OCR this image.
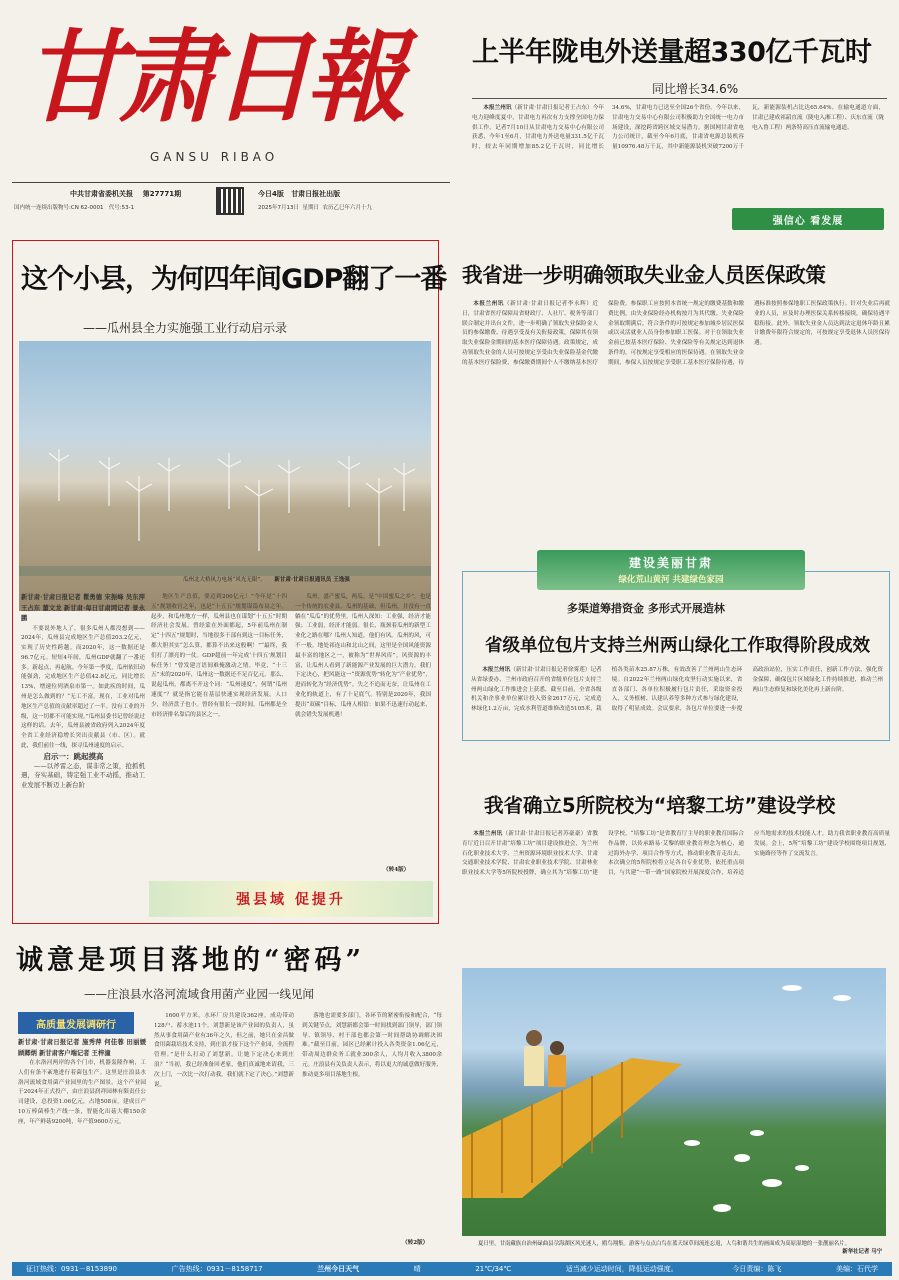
甘肃日報
GANSU RIBAO
中共甘肃省委机关报 第27771期	今日4版 甘肃日报社出版
国内统一连续出版物号:CN 62-0001 代号:53-1	2025年7月13日 星期日 农历乙巳年六月十九
上半年陇电外送量超330亿千瓦时
同比增长34.6%

本报兰州讯（新甘肃·甘肃日报记者王占东）今年电力迎峰度夏中，甘肃电力再次有力支撑全国电力保供工作。记者7月10日从甘肃电力交易中心有限公司获悉，今年1至6月，甘肃电力外送电量331.5亿千瓦时，较去年同期增加85.2亿千瓦时，同比增长34.6%，甘肃电力已送至全国26个省份。今年以来，甘肃电力交易中心有限公司积极助力全国统一电力市场建设，深挖跨省跨区域交易潜力。据国网甘肃省电力公司统计，截至今年6月底，甘肃省电源总装机容量10976.48万千瓦，其中新能源装机突破7200万千瓦，新能源装机占比达65.64%。在输电通道方面，甘肃已建成祁韶直流（陇电入湘工程）、庆东直流（陇电入鲁工程）两条特高压直流输电通道。

强信心 看发展
这个小县，为何四年间GDP翻了一番
——瓜州县全力实施强工业行动启示录
瓜州北大桥风力电场“风光无限”。 新甘肃·甘肃日报通讯员 王逸强

新甘肃·甘肃日报记者 瞿勇德 宋振峰 吴东萍 王占东 董文龙 新甘肃·每日甘肃网记者 景永鹏

不要说外地人了，很多瓜州人都没想到——2024年，瓜州县完成地区生产总值203.2亿元，实现了历史性跨越。而2020年，这一数据还是96.7亿元。短短4年间，瓜州GDP就翻了一番还多。新起点，再起航。今年第一季度，瓜州依旧动能强劲，完成地区生产总值42.8亿元，同比增长13%，增速位列酒泉市第一。如此疾的时间，瓜州是怎么做到的？“无工不富。现在，工业对瓜州地区生产总值的贡献率超过了一半。没有工业的升级，这一切都不可能实现。”瓜州县委书记曾经说过这样的话。去年，瓜州县被省政府列入2024年度全省工业经济稳增长突出贡献县（市、区）。就此，我们前往一线，探寻瓜州速度的启示。

启示一：跳起摸高

——以斧雷之态，谋非常之策，抢抓机遇，夯实基础，铸定强工业不动摇，推动工业发展不断迈上新台阶

地区生产总值，要迈到200亿元！”今年是“十四五”规划收官之年，也是“十五五”规划谋篇布局之年。起步，和瓜州地方一样，瓜州县也在谋划“十五五”时期经济社会发展。曾经蒙在外面都起，5年前瓜州在制定“十四五”规划时，当地很多干部有到这一目标任务，都大胆其实“怎么算，都算不出来这般啊！”“最终，我们打了漂亮的一仗。GDP超前一年完成‘十四五’规划目标任务！”曾发建言语间难掩激动之情。毕竟，“十三五”末的2020年，瓜州这一数据还不足百亿元。那么，说起瓜州，都离不开这个词：“瓜州速度”。何谓“瓜州速度”？就是指它能在基层快速实现经济发展。人口少，经济盘子也小。曾经有很长一段时间，瓜州都是全市经济排名靠后的县区之一。

瓜州，盛产蜜瓜，两瓜。是“中国蜜瓜之乡”，也是一个传统的农业县。瓜州的基础，但瓜州，并没有一直躺在“瓜瓜”的优势里。瓜州人深知：工业强，经济才能强；工业弱，经济才能弱。很长，瓶颈着瓜州的新型工业化之路在哪？瓜州人知道，他们有风。瓜州的风，可不一般。地处祁连山和北山之间，这里是全国风能资源最丰富的地区之一，被称为“世界风库”。风资源的丰富，让瓜州人看到了新能源产业发展的巨大潜力。我们下定决心，把风能这一“资源优势”转化为“产业优势”，进而转化为“经济优势”。失之不追而无奈，让瓜州在工业化的轨道上，有了十足底气。特别是2020年，我国提出“双碳”目标，瓜州人相信：如果不迅速行动起来，就会错失发展机遇！

（转4版）
强县域 促提升
我省进一步明确领取失业金人员医保政策

本报兰州讯（新甘肃·甘肃日报记者李永辉）近日，甘肃省医疗保障局省财政厅、人社厅、税务等部门联合制定并出台文件，进一步明确了领取失业保险金人员的参保缴费、待遇享受及有关衔接政策，保障其在领取失业保险金期间的基本医疗保障待遇。政策规定，成功领取失业金的人员可按规定享受由失业保险基金代缴的基本医疗保险费，参保缴费期间个人不缴纳基本医疗保险费。参保职工应按照本省统一规定的缴费基数和缴费比例，由失业保险经办机构按月为其代缴。失业保险金领取期满后，符合条件的可按规定参加城乡居民医保或以灵活就业人员身份参加职工医保。对于在领取失业金前已按基本医疗保险、失业保险等有关规定达到退休条件的，可按规定享受相应的医保待遇。在领取失业金期间，参保人员按规定享受职工基本医疗保险待遇，待遇标准按照参保地职工医保政策执行。针对失业后再就业的人员，应及时办理医保关系转移接续，确保待遇平稳衔接。此外，领取失业金人员达到法定退休年龄且累计缴费年限符合规定的，可按规定享受退休人员医保待遇。

建设美丽甘肃
绿化荒山黄河 共建绿色家园
多渠道筹措资金 多形式开展造林
省级单位包片支持兰州两山绿化工作取得阶段成效

本报兰州讯（新甘肃·甘肃日报记者徐雾莲）记者从省绿委办、兰州市政府召开的省级单位包片支持兰州两山绿化工作推进会上获悉，截至目前，全省各级机关和企事业单位累计投入资金2617万元，完成造林绿化1.2万亩，完成水利管道维修改造5105米，栽植各类苗木25.87万株，有效改善了兰州两山生态环境。自2022年兰州两山绿化攻坚行动实施以来，省直各部门、各单位积极履行包片责任，采取资金投入、义务植树、认建认养等多种方式参与绿化建设，取得了明显成效。会议要求，各包片单位要进一步提高政治站位，压实工作责任，创新工作方法，强化资金保障，确保包片区域绿化工作持续推进，推动兰州两山生态修复和绿化美化再上新台阶。

我省确立5所院校为“培黎工坊”建设学校

本报兰州讯（新甘肃·甘肃日报记者苏豪豪）省教育厅近日召开甘肃“培黎工坊”项目建设推进会，为兰州石化职业技术大学、兰州资源环境职业技术大学、甘肃交通职业技术学院、甘肃农业职业技术学院、甘肃林业职业技术大学等5所院校授牌，确立其为“培黎工坊”建设学校。“培黎工坊”是省教育厅主导的职业教育国际合作品牌，以传承路易·艾黎的职业教育理念为核心，通过海外办学、项目合作等方式，推动职业教育走出去。本次确立的5所院校将立足各自专业优势，依托重点项目，与共建“一带一路”国家院校开展深度合作，培养适应当地需求的技术技能人才，助力我省职业教育高质量发展。会上，5所“培黎工坊”建设学校围绕项目规划、实施路径等作了交流发言。

诚意是项目落地的“密码”
——庄浪县水洛河流域食用菌产业园一线见闻
高质量发展调研行

新甘肃·甘肃日报记者 施秀萍 何佳蓉 田丽媛 顾卿炳 新甘肃客户端记者 王梓潼

在水洛河两岸的各个门市，机器轰隆作响，工人们有条不紊地进行着菌包生产。这里是庄浪县水洛河流域食用菌产业园里的生产图景。这个产业园于2024年正式投产，由庄浪县润祥园林有限责任公司建设，总投资1.06亿元，占地508亩，建成日产10万棒菌棒生产线一条，智能化出菇大棚150余座，年产鲜菇9200吨，年产值9600万元。

1600平方米，水环厂房共建设362座，成功带动128户、蓄水池11个。刘慧新是该产业园的负责人，虽然从事食用菌产业有36年之久，但之前，她只在金昌做食用菌栽培技术支持，到庄浪才接下这个产业园，全流程管理。”是什么打动了刘慧新，让她下定决心来到庄浪？“当初，我已经准备回老家，他们真诚地来请我，三次上门，一次比一次打动我，我们就下定了决心。”刘慧新说。

落地也需要多部门，各环节的紧密衔接和配合，“每到关键节点，刘慧新都会第一时间找到部门领导，部门领导、镇领导、村干部也都会第一时间帮助协调解决困难。”截至目前，园区已经累计投入各类资金1.06亿元，带动周边群众务工就业300余人，人均月收入3800余元。庄浪县有关负责人表示，将以更大的诚意做好服务，推动更多项目落地生根。

（转2版）	夏日里，甘南藏族自治州碌曲县尕海湖区风光迷人，鸥鸟翔集。游客与点点白鸟在蓝天绿草间流连忘返，人鸟和谐共生的画面成为高原湿地的一张靓丽名片。
新华社记者 马宁
征订热线：0931－8153890	广告热线：0931－8158717	兰州今日天气	晴	21℃/34℃	适当减少运动时间，降低运动强度。	今日责编：陈飞	美编：石代学
